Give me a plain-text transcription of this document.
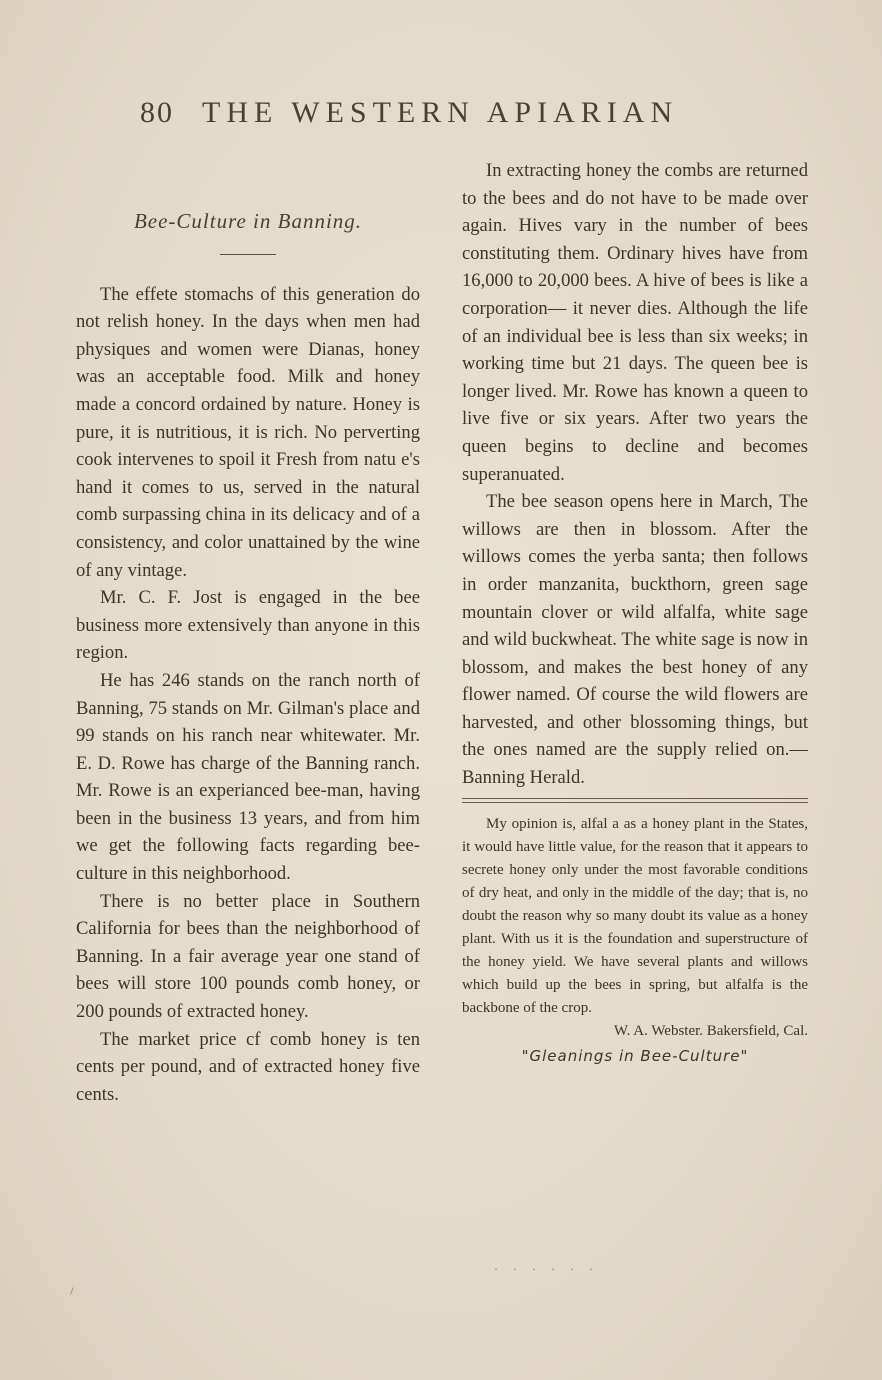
80 THE WESTERN APIARIAN
Bee-Culture in Banning.

The effete stomachs of this generation do not relish honey. In the days when men had physiques and women were Dianas, honey was an acceptable food. Milk and honey made a concord ordained by nature. Honey is pure, it is nutritious, it is rich. No perverting cook intervenes to spoil it Fresh from natu e's hand it comes to us, served in the natural comb surpassing china in its delicacy and of a consistency, and color unattained by the wine of any vintage.

Mr. C. F. Jost is engaged in the bee business more extensively than anyone in this region.

He has 246 stands on the ranch north of Banning, 75 stands on Mr. Gilman's place and 99 stands on his ranch near whitewater. Mr. E. D. Rowe has charge of the Banning ranch. Mr. Rowe is an experianced bee-man, having been in the business 13 years, and from him we get the following facts regarding bee-culture in this neighborhood.

There is no better place in Southern California for bees than the neighborhood of Banning. In a fair average year one stand of bees will store 100 pounds comb honey, or 200 pounds of extracted honey.

The market price cf comb honey is ten cents per pound, and of extracted honey five cents.

In extracting honey the combs are returned to the bees and do not have to be made over again. Hives vary in the number of bees constituting them. Ordinary hives have from 16,000 to 20,000 bees. A hive of bees is like a corporation— it never dies. Although the life of an individual bee is less than six weeks; in working time but 21 days. The queen bee is longer lived. Mr. Rowe has known a queen to live five or six years. After two years the queen begins to decline and becomes superanuated.

The bee season opens here in March, The willows are then in blossom. After the willows comes the yerba santa; then follows in order manzanita, buckthorn, green sage mountain clover or wild alfalfa, white sage and wild buckwheat. The white sage is now in blossom, and makes the best honey of any flower named. Of course the wild flowers are harvested, and other blossoming things, but the ones named are the supply relied on.—Banning Herald.

My opinion is, alfal a as a honey plant in the States, it would have little value, for the reason that it appears to secrete honey only under the most favorable conditions of dry heat, and only in the middle of the day; that is, no doubt the reason why so many doubt its value as a honey plant. With us it is the foundation and superstructure of the honey yield. We have several plants and willows which build up the bees in spring, but alfalfa is the backbone of the crop.

W. A. Webster. Bakersfield, Cal.

"Gleanings in Bee-Culture"

· · · · · ·
/
